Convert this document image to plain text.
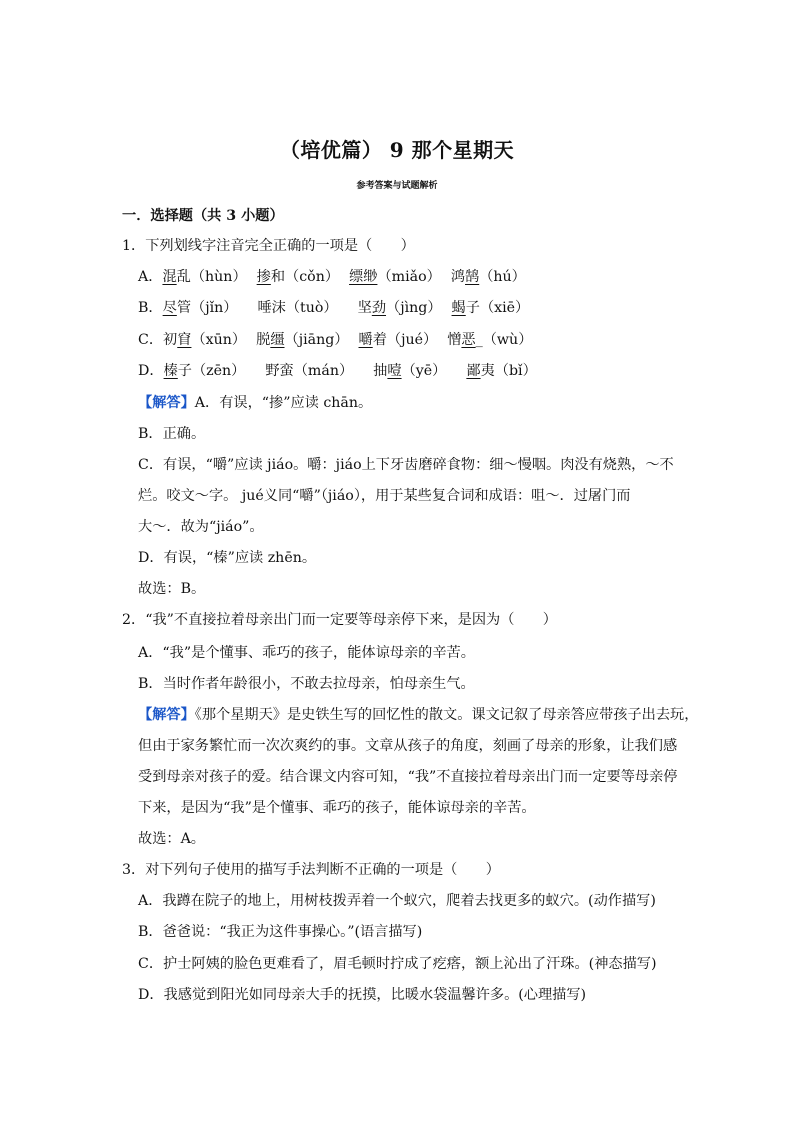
（培优篇） 9 那个星期天
参考答案与试题解析
一．选择题（共 3 小题）
1．下列划线字注音完全正确的一项是（　　）
A．混乱（hùn） 掺和（cǒn） 缥缈（miǎo） 鸿鹄（hú）
B．尽管（jǐn） 唾沫（tuò） 坚劲（jìng） 蝎子（xiē）
C．初窅（xūn） 脱缰（jiāng） 嚼着（jué） 憎恶_（wù）
D．榛子（zēn） 野蛮（mán） 抽噎（yē） 鄙夷（bǐ）
【解答】A．有误，“掺”应读 chān。
B．正确。
C．有误，“嚼”应读 jiáo。嚼：jiáo上下牙齿磨碎食物：细～慢咽。肉没有烧熟，～不
烂。咬文～字。 jué义同“嚼”（jiáo），用于某些复合词和成语：咀～．过屠门而
大～．故为“jiáo”。
D．有误，“榛”应读 zhēn。
故选：B。
2．“我”不直接拉着母亲出门而一定要等母亲停下来，是因为（　　）
A．“我”是个懂事、乖巧的孩子，能体谅母亲的辛苦。
B．当时作者年龄很小，不敢去拉母亲，怕母亲生气。
【解答】《那个星期天》是史铁生写的回忆性的散文。课文记叙了母亲答应带孩子出去玩，
但由于家务繁忙而一次次爽约的事。文章从孩子的角度，刻画了母亲的形象，让我们感
受到母亲对孩子的爱。结合课文内容可知，“我”不直接拉着母亲出门而一定要等母亲停
下来，是因为“我”是个懂事、乖巧的孩子，能体谅母亲的辛苦。
故选：A。
3．对下列句子使用的描写手法判断不正确的一项是（　　）
A．我蹲在院子的地上，用树枝拨弄着一个蚁穴，爬着去找更多的蚁穴。(动作描写)
B．爸爸说：“我正为这件事操心。”(语言描写)
C．护士阿姨的脸色更难看了，眉毛顿时拧成了疙瘩，额上沁出了汗珠。(神态描写)
D．我感觉到阳光如同母亲大手的抚摸，比暖水袋温馨许多。(心理描写)
